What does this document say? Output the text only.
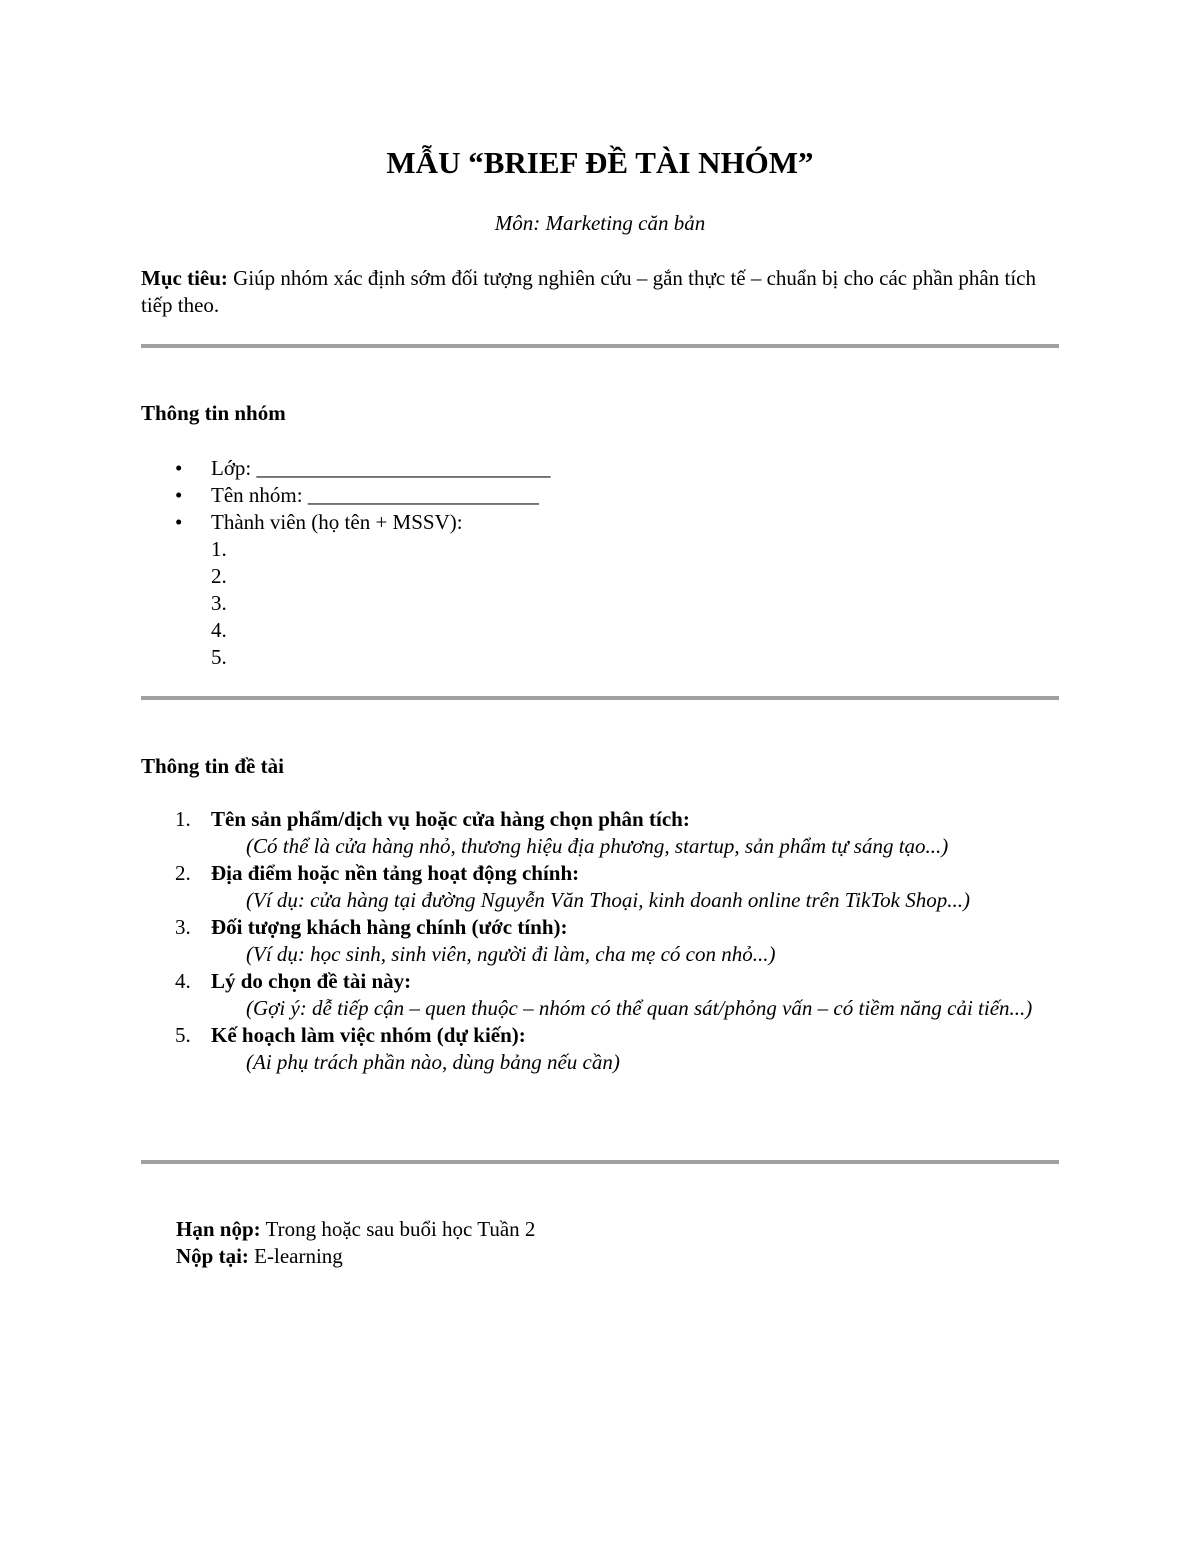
MẪU “BRIEF ĐỀ TÀI NHÓM”

Môn: Marketing căn bản

Mục tiêu: Giúp nhóm xác định sớm đối tượng nghiên cứu – gắn thực tế – chuẩn bị cho các phần phân tích tiếp theo.

Thông tin nhóm

• Lớp: ____________________________
• Tên nhóm: ______________________
• Thành viên (họ tên + MSSV):
1.
2.
3.
4.
5.

Thông tin đề tài

1. Tên sản phẩm/dịch vụ hoặc cửa hàng chọn phân tích:
(Có thể là cửa hàng nhỏ, thương hiệu địa phương, startup, sản phẩm tự sáng tạo...)
2. Địa điểm hoặc nền tảng hoạt động chính:
(Ví dụ: cửa hàng tại đường Nguyễn Văn Thoại, kinh doanh online trên TikTok Shop...)
3. Đối tượng khách hàng chính (ước tính):
(Ví dụ: học sinh, sinh viên, người đi làm, cha mẹ có con nhỏ...)
4. Lý do chọn đề tài này:
(Gợi ý: dễ tiếp cận – quen thuộc – nhóm có thể quan sát/phỏng vấn – có tiềm năng cải tiến...)
5. Kế hoạch làm việc nhóm (dự kiến):
(Ai phụ trách phần nào, dùng bảng nếu cần)
Hạn nộp: Trong hoặc sau buổi học Tuần 2
Nộp tại: E-learning
